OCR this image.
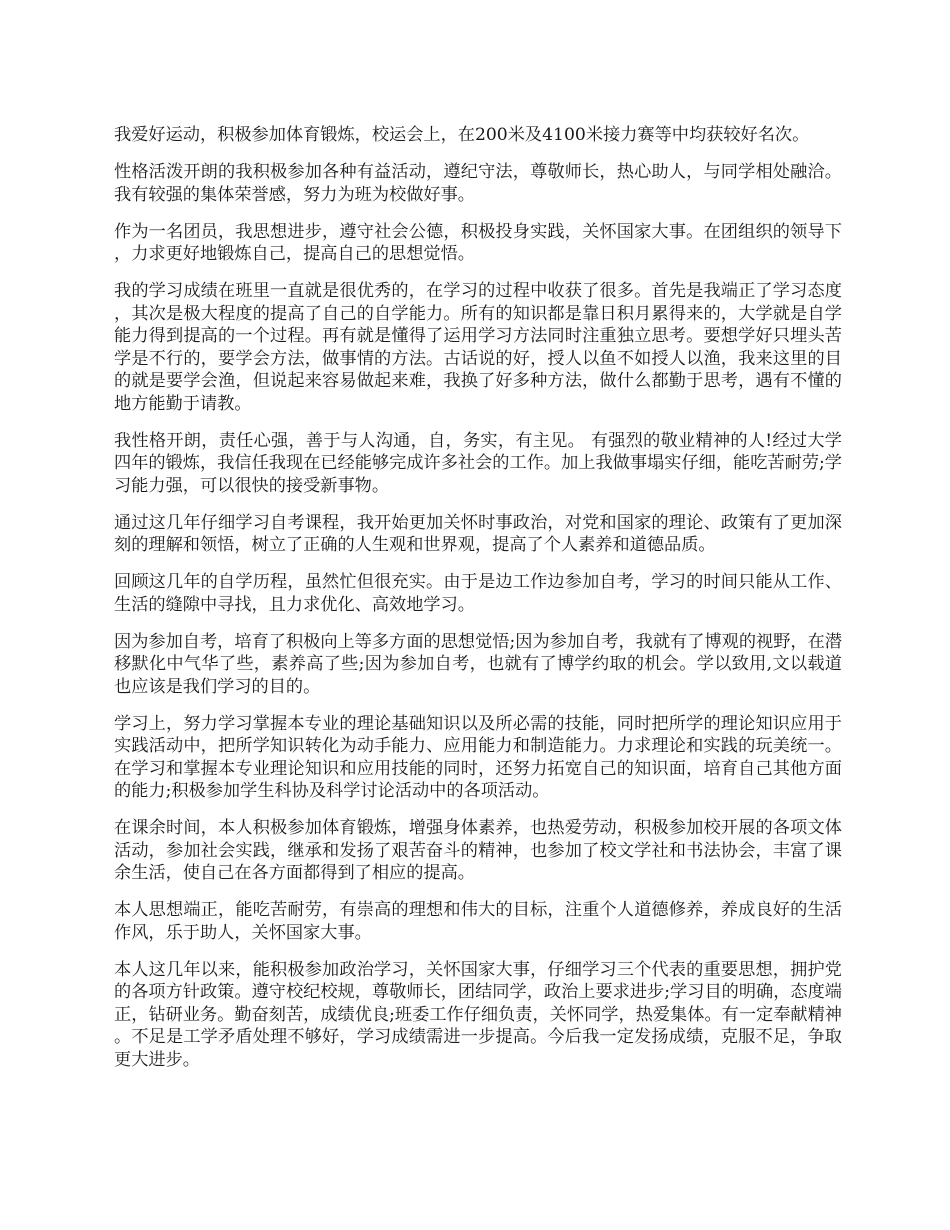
我爱好运动，积极参加体育锻炼，校运会上，在200米及4100米接力赛等中均获较好名次。

性格活泼开朗的我积极参加各种有益活动，遵纪守法，尊敬师长，热心助人，与同学相处融洽。我有较强的集体荣誉感，努力为班为校做好事。

作为一名团员，我思想进步，遵守社会公德，积极投身实践，关怀国家大事。在团组织的领导下，力求更好地锻炼自己，提高自己的思想觉悟。

我的学习成绩在班里一直就是很优秀的，在学习的过程中收获了很多。首先是我端正了学习态度，其次是极大程度的提高了自己的自学能力。所有的知识都是靠日积月累得来的，大学就是自学能力得到提高的一个过程。再有就是懂得了运用学习方法同时注重独立思考。要想学好只埋头苦学是不行的，要学会方法，做事情的方法。古话说的好，授人以鱼不如授人以渔，我来这里的目的就是要学会渔，但说起来容易做起来难，我换了好多种方法，做什么都勤于思考，遇有不懂的地方能勤于请教。

我性格开朗，责任心强，善于与人沟通，自，务实，有主见。 有强烈的敬业精神的人!经过大学四年的锻炼，我信任我现在已经能够完成许多社会的工作。加上我做事塌实仔细，能吃苦耐劳;学习能力强，可以很快的接受新事物。

通过这几年仔细学习自考课程，我开始更加关怀时事政治，对党和国家的理论、政策有了更加深刻的理解和领悟，树立了正确的人生观和世界观，提高了个人素养和道德品质。

回顾这几年的自学历程，虽然忙但很充实。由于是边工作边参加自考，学习的时间只能从工作、生活的缝隙中寻找，且力求优化、高效地学习。

因为参加自考，培育了积极向上等多方面的思想觉悟;因为参加自考，我就有了博观的视野，在潜移默化中气华了些，素养高了些;因为参加自考，也就有了博学约取的机会。学以致用,文以载道也应该是我们学习的目的。

学习上，努力学习掌握本专业的理论基础知识以及所必需的技能，同时把所学的理论知识应用于实践活动中，把所学知识转化为动手能力、应用能力和制造能力。力求理论和实践的玩美统一。在学习和掌握本专业理论知识和应用技能的同时，还努力拓宽自己的知识面，培育自己其他方面的能力;积极参加学生科协及科学讨论活动中的各项活动。

在课余时间，本人积极参加体育锻炼，增强身体素养，也热爱劳动，积极参加校开展的各项文体活动，参加社会实践，继承和发扬了艰苦奋斗的精神，也参加了校文学社和书法协会，丰富了课余生活，使自己在各方面都得到了相应的提高。

本人思想端正，能吃苦耐劳，有崇高的理想和伟大的目标，注重个人道德修养，养成良好的生活作风，乐于助人，关怀国家大事。

本人这几年以来，能积极参加政治学习，关怀国家大事，仔细学习三个代表的重要思想，拥护党的各项方针政策。遵守校纪校规，尊敬师长，团结同学，政治上要求进步;学习目的明确，态度端正，钻研业务。勤奋刻苦，成绩优良;班委工作仔细负责，关怀同学，热爱集体。有一定奉献精神。不足是工学矛盾处理不够好，学习成绩需进一步提高。今后我一定发扬成绩，克服不足，争取更大进步。
